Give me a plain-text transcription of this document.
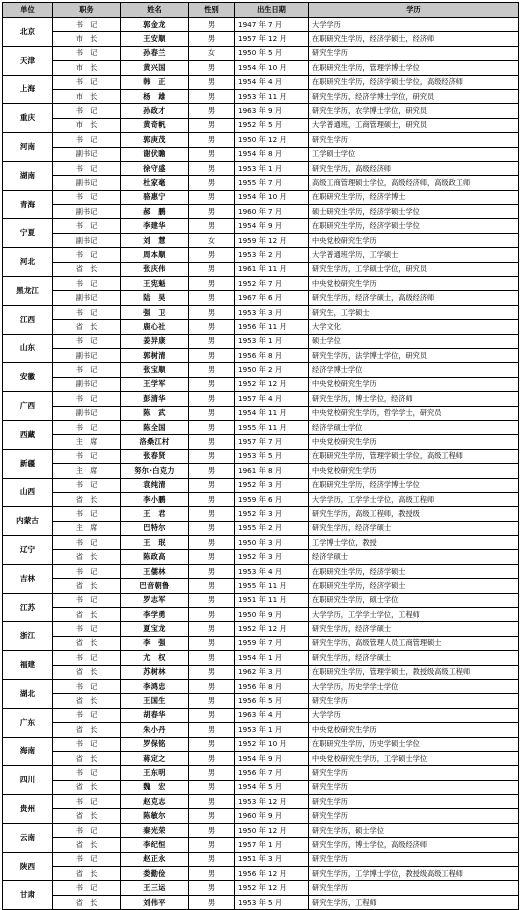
单位	职务	姓名	性别	出生日期	学历
北京	书　记	郭金龙	男	1947 年 7 月	大学学历
	市　长	王安顺	男	1957 年 12 月	在职研究生学历，经济学硕士，经济师
天津	书　记	孙春兰	女	1950 年 5 月	研究生学历
	市　长	黄兴国	男	1954 年 10 月	在职研究生学历，管理学博士学位
上海	书　记	韩　正	男	1954 年 4 月	在职研究生学历，经济学硕士学位，高级经济师
	市　长	杨　雄	男	1953 年 11 月	研究生学历，经济学博士学位，研究员
重庆	书　记	孙政才	男	1963 年 9 月	研究生学历，农学博士学位，研究员
	市　长	黄奇帆	男	1952 年 5 月	大学普通班，工商管理硕士，研究员
河南	书　记	郭庚茂	男	1950 年 12 月	研究生学历
	副书记	谢伏瞻	男	1954 年 8 月	工学硕士学位
湖南	书　记	徐守盛	男	1953 年 1 月	研究生学历，高级经济师
	副书记	杜家毫	男	1955 年 7 月	高级工商管理硕士学位，高级经济师，高级政工师
青海	书　记	骆惠宁	男	1954 年 10 月	在职研究生学历，经济学博士
	副书记	郝　鹏	男	1960 年 7 月	硕士研究生学历，经济学硕士学位
宁夏	书　记	李建华	男	1954 年 9 月	在职研究生学历，经济学硕士学位
	副书记	刘　慧	女	1959 年 12 月	中央党校研究生学历
河北	书　记	周本顺	男	1953 年 2 月	大学普通班学历，工学硕士
	省　长	张庆伟	男	1961 年 11 月	研究生学历，工学硕士学位，研究员
黑龙江	书　记	王宪魁	男	1952 年 7 月	中央党校研究生学历
	副书记	陆　昊	男	1967 年 6 月	研究生学历，经济学硕士，高级经济师
江西	书　记	强　卫	男	1953 年 3 月	研究生，工学硕士
	省　长	鹿心社	男	1956 年 11 月	大学文化
山东	书　记	姜异康	男	1953 年 1 月	硕士学位
	副书记	郭树清	男	1956 年 8 月	研究生学历，法学博士学位，研究员
安徽	书　记	张宝顺	男	1950 年 2 月	经济学博士学位
	副书记	王学军	男	1952 年 12 月	中央党校研究生学历
广西	书　记	彭清华	男	1957 年 4 月	研究生学历，博士学位，经济师
	副书记	陈　武	男	1954 年 11 月	中央党校研究生学历，哲学学士，研究员
西藏	书　记	陈全国	男	1955 年 11 月	经济学硕士学位
	主　席	洛桑江村	男	1957 年 7 月	中央党校研究生学历
新疆	书　记	张春贤	男	1953 年 5 月	在职研究生学历，管理学硕士学位，高级工程师
	主　席	努尔·白克力	男	1961 年 8 月	中央党校研究生学历
山西	书　记	袁纯清	男	1952 年 3 月	在职研究生学历，经济学博士学位
	省　长	李小鹏	男	1959 年 6 月	大学学历，工学学士学位，高级工程师
内蒙古	书　记	王　君	男	1952 年 3 月	研究生学历，高级工程师，教授级
	主　席	巴特尔	男	1955 年 2 月	研究生学历，经济学硕士
辽宁	书　记	王　珉	男	1950 年 3 月	工学博士学位，教授
	省　长	陈政高	男	1952 年 3 月	经济学硕士
吉林	书　记	王儒林	男	1953 年 4 月	在职研究生学历，经济学硕士
	省　长	巴音朝鲁	男	1955 年 11 月	在职研究生学历，经济学硕士
江苏	书　记	罗志军	男	1951 年 11 月	在职研究生学历，硕士学位
	省　长	李学勇	男	1950 年 9 月	大学学历，工学学士学位，工程师
浙江	书　记	夏宝龙	男	1952 年 12 月	研究生学历，经济学硕士
	省　长	李　强	男	1959 年 7 月	研究生学历，高级管理人员工商管理硕士
福建	书　记	尤　权	男	1954 年 1 月	研究生学历，经济学硕士
	省　长	苏树林	男	1962 年 3 月	在职研究生学历，管理学硕士，教授级高级工程师
湖北	书　记	李鸿忠	男	1956 年 8 月	大学学历，历史学学士学位
	省　长	王国生	男	1956 年 5 月	研究生学历
广东	书　记	胡春华	男	1963 年 4 月	大学学历
	省　长	朱小丹	男	1953 年 1 月	中央党校研究生学历
海南	书　记	罗保铭	男	1952 年 10 月	在职研究生学历，历史学硕士学位
	省　长	蒋定之	男	1954 年 9 月	中央党校研究生学历，工学硕士学位
四川	书　记	王东明	男	1956 年 7 月	研究生学历
	省　长	魏　宏	男	1954 年 5 月	研究生学历
贵州	书　记	赵克志	男	1953 年 12 月	研究生学历
	省　长	陈敏尔	男	1960 年 9 月	研究生学历
云南	书　记	秦光荣	男	1950 年 12 月	研究生学历，硕士学位
	省　长	李纪恒	男	1957 年 1 月	研究生学历，博士学位，高级经济师
陕西	书　记	赵正永	男	1951 年 3 月	研究生学历
	省　长	娄勤俭	男	1956 年 12 月	研究生学历，工学博士学位，教授级高级工程师
甘肃	书　记	王三运	男	1952 年 12 月	研究生学历
	省　长	刘伟平	男	1953 年 5 月	研究生学历，工程师
